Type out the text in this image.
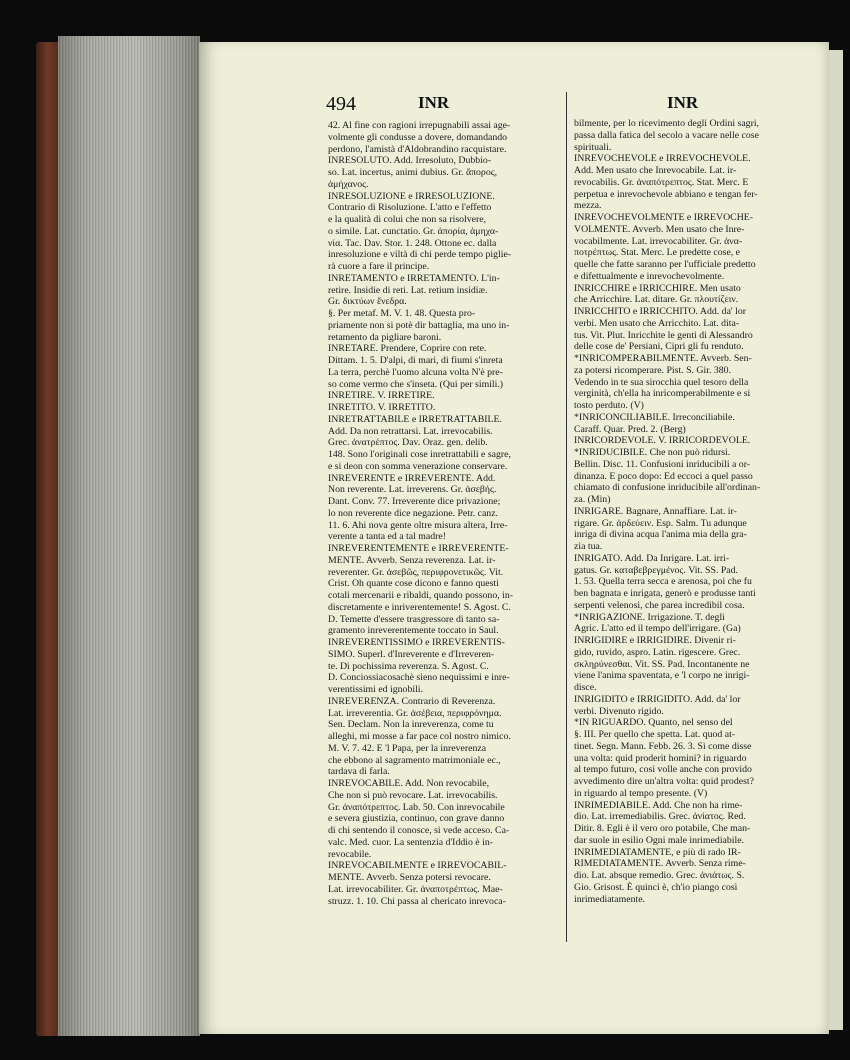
494	INR	INR

42. Al fine con ragioni irrepugnabili assai age-

volmente gli condusse a dovere, domandando

perdono, l'amistà d'Aldobrandino racquistare.

INRESOLUTO. Add. Irresoluto, Dubbio-

so. Lat. incertus, animi dubius. Gr. ἄπορος,

ἀμήχανος.

INRESOLUZIONE e IRRESOLUZIONE.

Contrario di Risoluzione. L'atto e l'effetto

e la qualità di colui che non sa risolvere,

o simile. Lat. cunctatio. Gr. ἀπορία, ἀμηχα-

νία. Tac. Dav. Stor. 1. 248. Ottone ec. dalla

inresoluzione e viltà di chi perde tempo piglie-

rà cuore a fare il principe.

INRETAMENTO e IRRETAMENTO. L'in-

retire. Insidie di reti. Lat. retium insidiæ.

Gr. δικτύων ἔνεδρα.

§. Per metaf. M. V. 1. 48. Questa pro-

priamente non si potè dir battaglia, ma uno in-

retamento da pigliare baroni.

INRETARE. Prendere, Coprire con rete.

Dittam. 1. 5. D'alpi, di mari, di fiumi s'inreta

La terra, perchè l'uomo alcuna volta N'è pre-

so come vermo che s'insetа. (Qui per simili.)

INRETIRE. V. IRRETIRE.

INRETITO. V. IRRETITO.

INRETRATTABILE e IRRETRATTABILE.

Add. Da non retrattarsi. Lat. irrevocabilis.

Grec. ἀνατρέπτος. Dav. Oraz. gen. delib.

148. Sono l'originali cose inretrattabili e sagre,

e si deon con somma venerazione conservare.

INREVERENTE e IRREVERENTE. Add.

Non reverente. Lat. irreverens. Gr. ἀσεβής.

Dant. Conv. 77. Irreverente dice privazione;

lo non reverente dice negazione. Petr. canz.

11. 6. Ahi nova gente oltre misura altera, Irre-

verente a tanta ed a tal madre!

INREVERENTEMENTE e IRREVERENTE-

MENTE. Avverb. Senza reverenza. Lat. ir-

reverenter. Gr. ἀσεβῶς, περιφρονετικῶς. Vit.

Crist. Oh quante cose dicono e fanno questi

cotali mercenarii e ribaldi, quando possono, in-

discretamente e inriverentemente! S. Agost. C.

D. Temette d'essere trasgressore di tanto sa-

gramento inreverentemente toccato in Saul.

INREVERENTISSIMO e IRREVERENTIS-

SIMO. Superl. d'Inreverente e d'Irreveren-

te. Di pochissima reverenza. S. Agost. C.

D. Conciossiacosachè sieno nequissimi e inre-

verentissimi ed ignobili.

INREVERENZA. Contrario di Reverenza.

Lat. irreverentia. Gr. ἀσέβεια, περιφρόνημα.

Sen. Declam. Non la inreverenza, come tu

alleghi, mi mosse a far pace col nostro nimico.

M. V. 7. 42. E 'l Papa, per la inreverenza

che ebbono al sagramento matrimoniale ec.,

tardava di farla.

INREVOCABILE. Add. Non revocabile,

Che non si può revocare. Lat. irrevocabilis.

Gr. ἀναπότρεπτος. Lab. 50. Con inrevocabile

e severa giustizia, continuo, con grave danno

di chi sentendo il conosce, si vede acceso. Ca-

valc. Med. cuor. La sentenzia d'Iddio è in-

revocabile.

INREVOCABILMENTE e IRREVOCABIL-

MENTE. Avverb. Senza potersi revocare.

Lat. irrevocabiliter. Gr. ἀναποτρέπτως. Mae-

struzz. 1. 10. Chi passa al chericato inrevoca-

bilmente, per lo ricevimento degli Ordini sagri,

passa dalla fatica del secolo a vacare nelle cose

spirituali.

INREVOCHEVOLE e IRREVOCHEVOLE.

Add. Men usato che Inrevocabile. Lat. ir-

revocabilis. Gr. ἀναπότρεπτος. Stat. Merc. E

perpetua e inrevochevole abbiano e tengan fer-

mezza.

INREVOCHEVOLMENTE e IRREVOCHE-

VOLMENTE. Avverb. Men usato che Inre-

vocabilmente. Lat. irrevocabiliter. Gr. ἀνα-

ποτρέπτως. Stat. Merc. Le predette cose, e

quelle che fatte saranno per l'ufficiale predetto

e difettualmente e inrevochevolmente.

INRICCHIRE e IRRICCHIRE. Men usato

che Arricchire. Lat. ditare. Gr. πλουτίζειν.

INRICCHITO e IRRICCHITO. Add. da' lor

verbi. Men usato che Arricchito. Lat. dita-

tus. Vit. Plut. Inricchite le genti di Alessandro

delle cose de' Persiani, Cipri gli fu renduto.

*INRICOMPERABILMENTE. Avverb. Sen-

za potersi ricomperare. Pist. S. Gir. 380.

Vedendo in te sua sirocchia quel tesoro della

verginità, ch'ella ha inricomperabilmente e si

tosto perduto. (V)

*INRICONCILIABILE. Irreconciliabile.

Caraff. Quar. Pred. 2. (Berg)

INRICORDEVOLE. V. IRRICORDEVOLE.

*INRIDUCIBILE. Che non può ridursi.

Bellin. Disc. 11. Confusioni inriducibili a or-

dinanza. E poco dopo: Ed eccoci a quel passo

chiamato di confusione inriducibile all'ordinan-

za. (Min)

INRIGARE. Bagnare, Annaffiare. Lat. ir-

rigare. Gr. ἀρδεύειν. Esp. Salm. Tu adunque

inriga di divina acqua l'anima mia della gra-

zia tua.

INRIGATO. Add. Da Inrigare. Lat. irri-

gatus. Gr. καταβεβρεγμένος. Vit. SS. Pad.

1. 53. Quella terra secca e arenosa, poi che fu

ben bagnata e inrigata, generò e produsse tanti

serpenti velenosi, che parea incredibil cosa.

*INRIGAZIONE. Irrigazione. T. degli

Agric. L'atto ed il tempo dell'irrigare. (Ga)

INRIGIDIRE e IRRIGIDIRE. Divenir ri-

gido, ruvido, aspro. Latin. rigescere. Grec.

σκληρύνεσθαι. Vit. SS. Pad. Incontanente ne

viene l'anima spaventata, e 'l corpo ne inrigi-

disce.

INRIGIDITO e IRRIGIDITO. Add. da' lor

verbi. Divenuto rigido.

*IN RIGUARDO. Quanto, nel senso del

§. III. Per quello che spetta. Lat. quod at-

tinet. Segn. Mann. Febb. 26. 3. Sì come disse

una volta: quid proderit homini? in riguardo

al tempo futuro, così volle anche con provido

avvedimento dire un'altra volta: quid prodest?

in riguardo al tempo presente. (V)

INRIMEDIABILE. Add. Che non ha rime-

dio. Lat. irremediabilis. Grec. ἀνίατος. Red.

Ditir. 8. Egli è il vero oro potabile, Che man-

dar suole in esilio Ogni male inrimediabile.

INRIMEDIATAMENTE, e più di rado IR-

RIMEDIATAMENTE. Avverb. Senza rime-

dio. Lat. absque remedio. Grec. ἀνιάτως. S.

Gio. Grisost. È quinci è, ch'io piango così

inrimediatamente.
